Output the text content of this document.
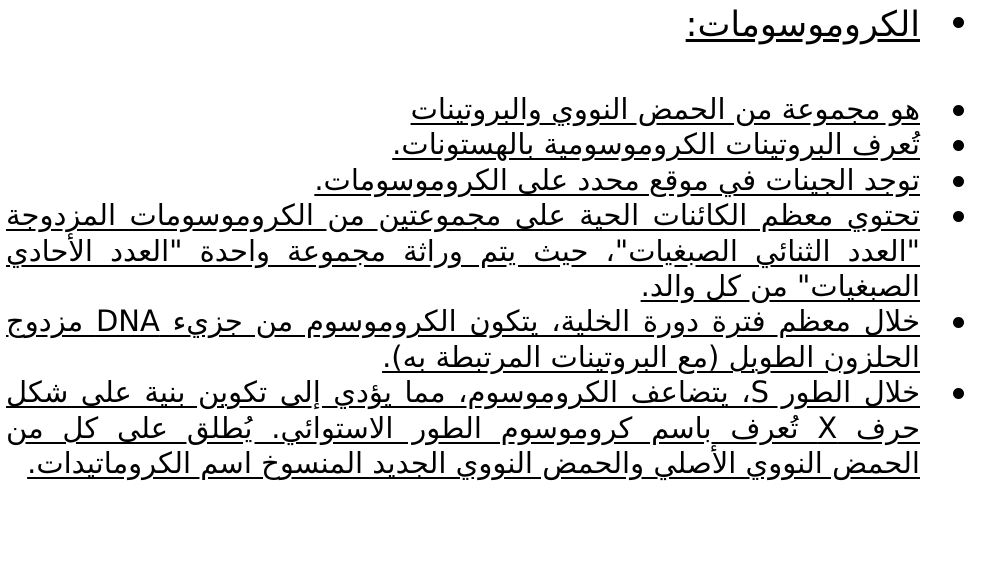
الكروموسومات:
هو مجموعة من الحمض النووي والبروتينات
تُعرف البروتينات الكروموسومية بالهستونات.
توجد الجينات في موقع محدد على الكروموسومات.
تحتوي معظم الكائنات الحية على مجموعتين من الكروموسومات المزدوجة "العدد الثنائي الصبغيات"، حيث يتم وراثة مجموعة واحدة "العدد الأحادي الصبغيات" من كل والد.
خلال معظم فترة دورة الخلية، يتكون الكروموسوم من جزيء DNA مزدوج الحلزون الطويل (مع البروتينات المرتبطة به).
خلال الطور S، يتضاعف الكروموسوم، مما يؤدي إلى تكوين بنية على شكل حرف X تُعرف باسم كروموسوم الطور الاستوائي. يُطلق على كل من الحمض النووي الأصلي والحمض النووي الجديد المنسوخ اسم الكروماتيدات.
